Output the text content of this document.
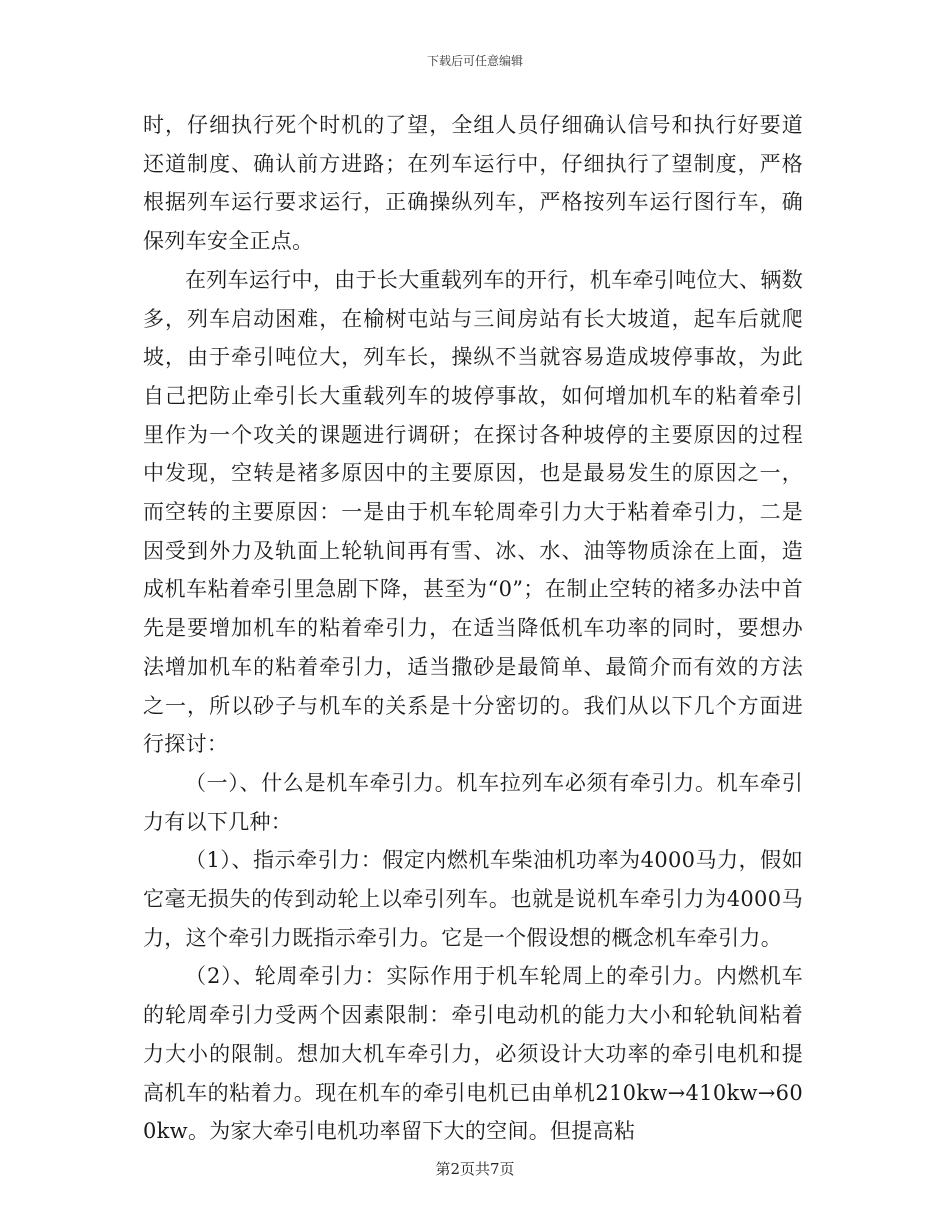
下载后可任意编辑

时，仔细执行死个时机的了望，全组人员仔细确认信号和执行好要道还道制度、确认前方进路；在列车运行中，仔细执行了望制度，严格根据列车运行要求运行，正确操纵列车，严格按列车运行图行车，确保列车安全正点。

在列车运行中，由于长大重载列车的开行，机车牵引吨位大、辆数多，列车启动困难，在榆树屯站与三间房站有长大坡道，起车后就爬坡，由于牵引吨位大，列车长，操纵不当就容易造成坡停事故，为此自己把防止牵引长大重载列车的坡停事故，如何增加机车的粘着牵引里作为一个攻关的课题进行调研；在探讨各种坡停的主要原因的过程中发现，空转是褚多原因中的主要原因，也是最易发生的原因之一，而空转的主要原因：一是由于机车轮周牵引力大于粘着牵引力，二是因受到外力及轨面上轮轨间再有雪、冰、水、油等物质涂在上面，造成机车粘着牵引里急剧下降，甚至为“0”；在制止空转的褚多办法中首先是要增加机车的粘着牵引力，在适当降低机车功率的同时，要想办法增加机车的粘着牵引力，适当撒砂是最简单、最简介而有效的方法之一，所以砂子与机车的关系是十分密切的。我们从以下几个方面进行探讨：

（一）、什么是机车牵引力。机车拉列车必须有牵引力。机车牵引力有以下几种：

（1）、指示牵引力：假定内燃机车柴油机功率为4000马力，假如它毫无损失的传到动轮上以牵引列车。也就是说机车牵引力为4000马力，这个牵引力既指示牵引力。它是一个假设想的概念机车牵引力。

（2）、轮周牵引力：实际作用于机车轮周上的牵引力。内燃机车的轮周牵引力受两个因素限制：牵引电动机的能力大小和轮轨间粘着力大小的限制。想加大机车牵引力，必须设计大功率的牵引电机和提高机车的粘着力。现在机车的牵引电机已由单机210kw→410kw→600kw。为家大牵引电机功率留下大的空间。但提高粘

第2页共7页
